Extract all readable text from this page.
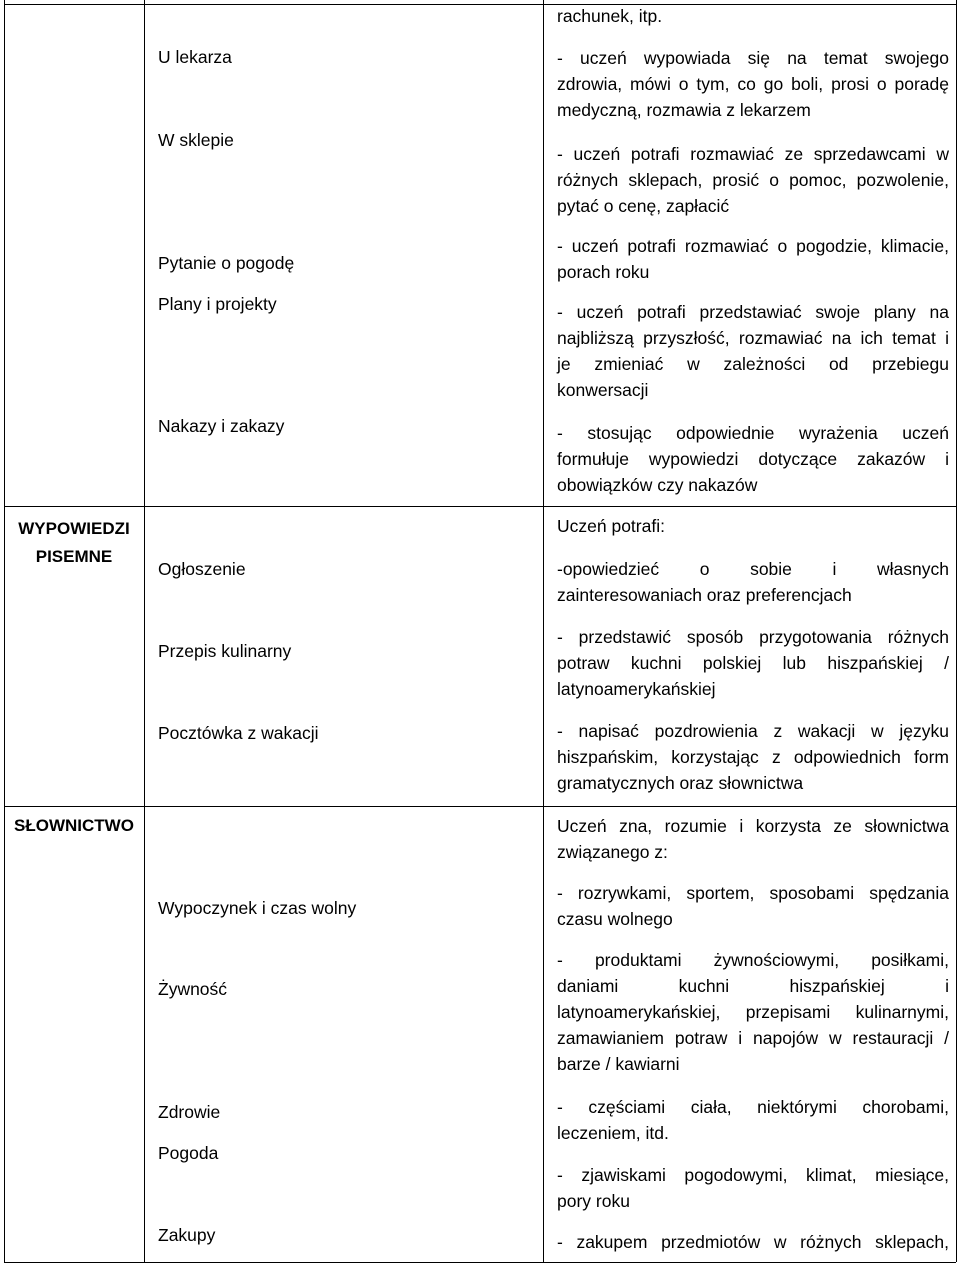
WYPOWIEDZI
PISEMNE
SŁOWNICTWO
U lekarza
W sklepie
Pytanie o pogodę
Plany i projekty
Nakazy i zakazy
Ogłoszenie
Przepis kulinarny
Pocztówka z wakacji
Wypoczynek i czas wolny
Żywność
Zdrowie
Pogoda
Zakupy
rachunek, itp.
- uczeń wypowiada się na temat swojego
zdrowia, mówi o tym, co go boli, prosi o poradę
medyczną, rozmawia z lekarzem
- uczeń potrafi rozmawiać ze sprzedawcami w
różnych sklepach, prosić o pomoc, pozwolenie,
pytać o cenę, zapłacić
- uczeń potrafi rozmawiać o pogodzie, klimacie,
porach roku
- uczeń potrafi przedstawiać swoje plany na
najbliższą przyszłość, rozmawiać na ich temat i
je zmieniać w zależności od przebiegu
konwersacji
- stosując odpowiednie wyrażenia uczeń
formułuje wypowiedzi dotyczące zakazów i
obowiązków czy nakazów
Uczeń potrafi:
-opowiedzieć o sobie i własnych
zainteresowaniach oraz preferencjach
- przedstawić sposób przygotowania różnych
potraw kuchni polskiej lub hiszpańskiej /
latynoamerykańskiej
- napisać pozdrowienia z wakacji w języku
hiszpańskim, korzystając z odpowiednich form
gramatycznych oraz słownictwa
Uczeń zna, rozumie i korzysta ze słownictwa
związanego z:
- rozrywkami, sportem, sposobami spędzania
czasu wolnego
- produktami żywnościowymi, posiłkami,
daniami kuchni hiszpańskiej i
latynoamerykańskiej, przepisami kulinarnymi,
zamawianiem potraw i napojów w restauracji /
barze / kawiarni
- częściami ciała, niektórymi chorobami,
leczeniem, itd.
- zjawiskami pogodowymi, klimat, miesiące,
pory roku
- zakupem przedmiotów w różnych sklepach,
